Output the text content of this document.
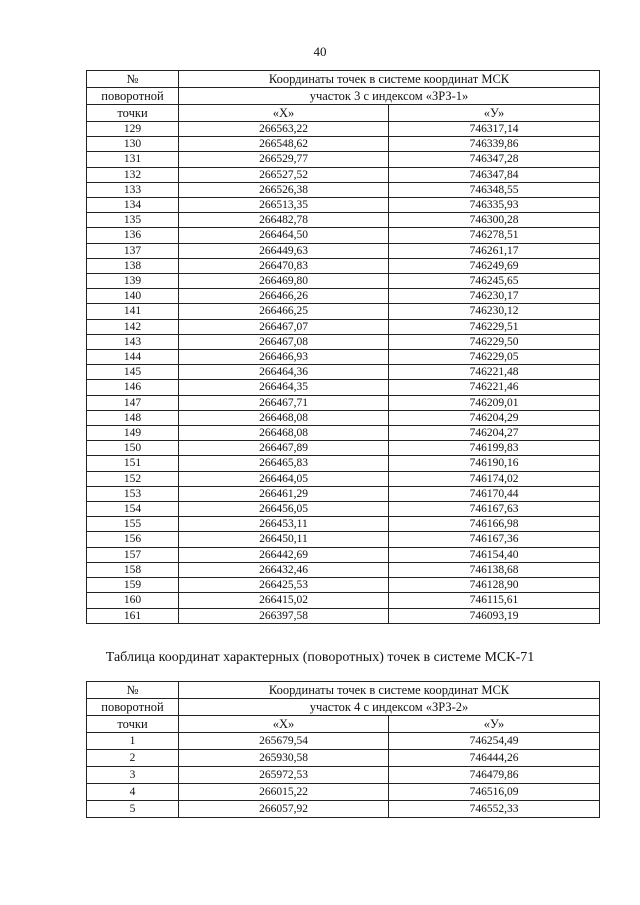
40
№	Координаты точек в системе координат МСК	
поворотной	участок 3 с индексом «ЗРЗ-1»	
точки	«Х»	«У»
129	266563,22	746317,14
130	266548,62	746339,86
131	266529,77	746347,28
132	266527,52	746347,84
133	266526,38	746348,55
134	266513,35	746335,93
135	266482,78	746300,28
136	266464,50	746278,51
137	266449,63	746261,17
138	266470,83	746249,69
139	266469,80	746245,65
140	266466,26	746230,17
141	266466,25	746230,12
142	266467,07	746229,51
143	266467,08	746229,50
144	266466,93	746229,05
145	266464,36	746221,48
146	266464,35	746221,46
147	266467,71	746209,01
148	266468,08	746204,29
149	266468,08	746204,27
150	266467,89	746199,83
151	266465,83	746190,16
152	266464,05	746174,02
153	266461,29	746170,44
154	266456,05	746167,63
155	266453,11	746166,98
156	266450,11	746167,36
157	266442,69	746154,40
158	266432,46	746138,68
159	266425,53	746128,90
160	266415,02	746115,61
161	266397,58	746093,19
Таблица координат характерных (поворотных) точек в системе МСК-71
№	Координаты точек в системе координат МСК	
поворотной	участок 4 с индексом «ЗРЗ-2»	
точки	«Х»	«У»
1	265679,54	746254,49
2	265930,58	746444,26
3	265972,53	746479,86
4	266015,22	746516,09
5	266057,92	746552,33
